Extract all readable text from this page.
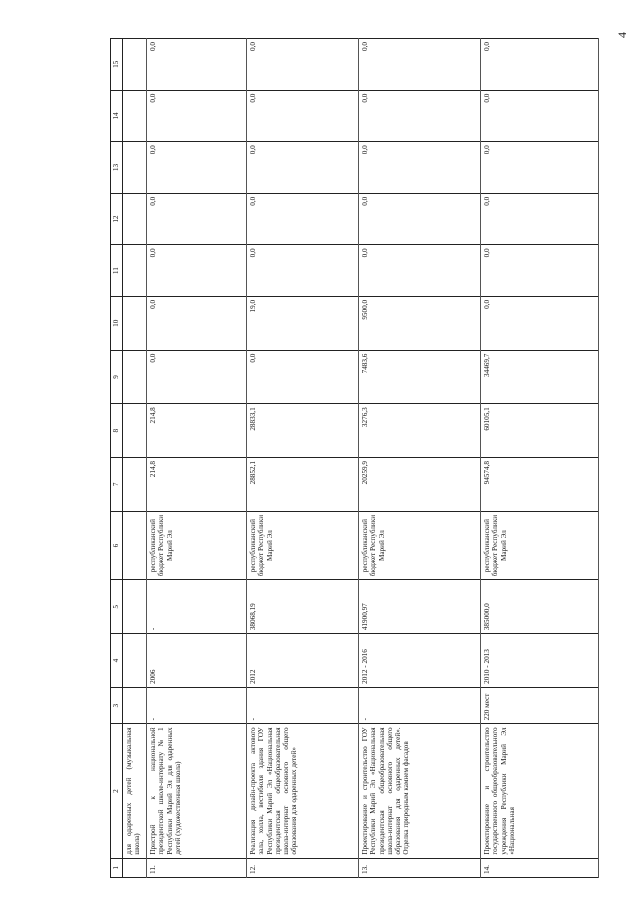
4
1	2	3	4	5	6	7	8	9	10	11	12	13	14	15
	для одаренных детей (музыкальная школа)													
11.	Пристрой к национальной президентской школе-интернату № 1 Республики Марий Эл для одаренных детей (художественная школа)	-	2006	-	республиканский бюджет Республики Марий Эл	214,8	214,8	0,0	0,0	0,0	0,0	0,0	0,0	0,0
12.	Реализация дизайн-проекта актового зала, холла, вестибюля здания ГОУ Республики Марий Эл «Национальная президентская общеобразовательная школа-интернат основного общего образования для одаренных детей»	-	2012	38068,19	республиканский бюджет Республики Марий Эл	28852,1	28833,1	0,0	19,0	0,0	0,0	0,0	0,0	0,0
13.	Проектирование и строительство ГОУ Республики Марий Эл «Национальная президентская общеобразовательная школа-интернат основного общего образования для одаренных детей». Отделка природным камнем фасадов	-	2012 - 2016	41900,97	республиканский бюджет Республики Марий Эл	20259,9	3276,3	7483,6	9500,0	0,0	0,0	0,0	0,0	0,0
14.	Проектирование и строительство государственного общеобразовательного учреждения Республики Марий Эл «Национальная	220 мест	2010 - 2013	385000,0	республиканский бюджет Республики Марий Эл	94574,8	60105,1	34469,7	0,0	0,0	0,0	0,0	0,0	0,0
